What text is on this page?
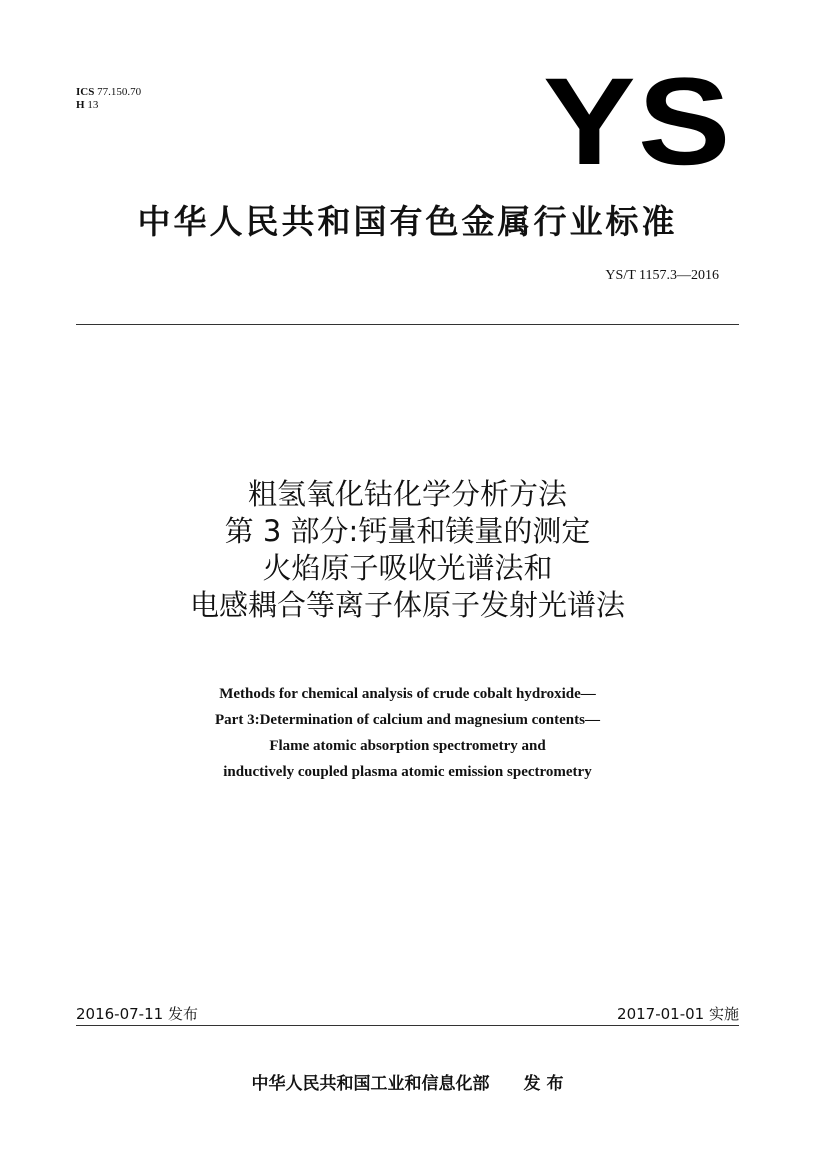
ICS 77.150.70
H 13	YS
中华人民共和国有色金属行业标准
YS/T 1157.3—2016
粗氢氧化钴化学分析方法
第 3 部分:钙量和镁量的测定
火焰原子吸收光谱法和
电感耦合等离子体原子发射光谱法
Methods for chemical analysis of crude cobalt hydroxide—
Part 3:Determination of calcium and magnesium contents—
Flame atomic absorption spectrometry and
inductively coupled plasma atomic emission spectrometry
2016-07-11 发布	2017-01-01 实施
中华人民共和国工业和信息化部 发 布
